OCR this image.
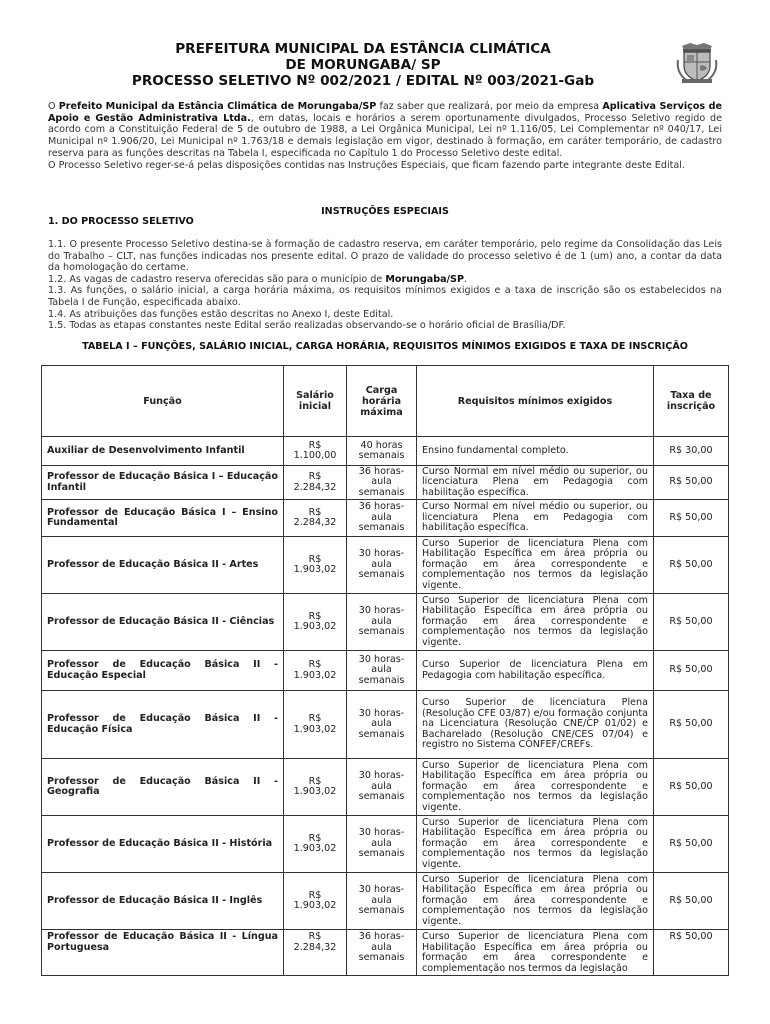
PREFEITURA MUNICIPAL DA ESTÂNCIA CLIMÁTICA
DE MORUNGABA/ SP
PROCESSO SELETIVO Nº 002/2021 / EDITAL Nº 003/2021-Gab

O Prefeito Municipal da Estância Climática de Morungaba/SP faz saber que realizará, por meio da empresa Aplicativa Serviços de Apoio e Gestão Administrativa Ltda., em datas, locais e horários a serem oportunamente divulgados, Processo Seletivo regido de acordo com a Constituição Federal de 5 de outubro de 1988, a Lei Orgânica Municipal, Lei nº 1.116/05, Lei Complementar nº 040/17, Lei Municipal nº 1.906/20, Lei Municipal nº 1.763/18 e demais legislação em vigor, destinado à formação, em caráter temporário, de cadastro reserva para as funções descritas na Tabela I, especificada no Capítulo 1 do Processo Seletivo deste edital.

O Processo Seletivo reger-se-á pelas disposições contidas nas Instruções Especiais, que ficam fazendo parte integrante deste Edital.

INSTRUÇÕES ESPECIAIS
1. DO PROCESSO SELETIVO

1.1. O presente Processo Seletivo destina-se à formação de cadastro reserva, em caráter temporário, pelo regime da Consolidação das Leis do Trabalho – CLT, nas funções indicadas nos presente edital. O prazo de validade do processo seletivo é de 1 (um) ano, a contar da data da homologação do certame.

1.2. As vagas de cadastro reserva oferecidas são para o município de Morungaba/SP.

1.3. As funções, o salário inicial, a carga horária máxima, os requisitos mínimos exigidos e a taxa de inscrição são os estabelecidos na Tabela I de Função, especificada abaixo.

1.4. As atribuições das funções estão descritas no Anexo I, deste Edital.

1.5. Todas as etapas constantes neste Edital serão realizadas observando-se o horário oficial de Brasília/DF.

TABELA I – FUNÇÕES, SALÁRIO INICIAL, CARGA HORÁRIA, REQUISITOS MÍNIMOS EXIGIDOS E TAXA DE INSCRIÇÃO
Função	Salário inicial	Carga horária máxima	Requisitos mínimos exigidos	Taxa de inscrição
Auxiliar de Desenvolvimento Infantil	R$ 1.100,00	40 horas semanais	Ensino fundamental completo.	R$ 30,00
Professor de Educação Básica I – Educação Infantil	R$ 2.284,32	36 horas-aula semanais	Curso Normal em nível médio ou superior, ou licenciatura Plena em Pedagogia com habilitação específica.	R$ 50,00
Professor de Educação Básica I – Ensino Fundamental	R$ 2.284,32	36 horas-aula semanais	Curso Normal em nível médio ou superior, ou licenciatura Plena em Pedagogia com habilitação específica.	R$ 50,00
Professor de Educação Básica II - Artes	R$ 1.903,02	30 horas-aula semanais	Curso Superior de licenciatura Plena com Habilitação Específica em área própria ou formação em área correspondente e complementação nos termos da legislação vigente.	R$ 50,00
Professor de Educação Básica II - Ciências	R$ 1.903,02	30 horas-aula semanais	Curso Superior de licenciatura Plena com Habilitação Específica em área própria ou formação em área correspondente e complementação nos termos da legislação vigente.	R$ 50,00
Professor de Educação Básica II - Educação Especial	R$ 1.903,02	30 horas-aula semanais	Curso Superior de licenciatura Plena em Pedagogia com habilitação específica.	R$ 50,00
Professor de Educação Básica II - Educação Física	R$ 1.903,02	30 horas-aula semanais	Curso Superior de licenciatura Plena (Resolução CFE 03/87) e/ou formação conjunta na Licenciatura (Resolução CNE/CP 01/02) e Bacharelado (Resolução CNE/CES 07/04) e registro no Sistema CONFEF/CREFs.	R$ 50,00
Professor de Educação Básica II - Geografia	R$ 1.903,02	30 horas-aula semanais	Curso Superior de licenciatura Plena com Habilitação Específica em área própria ou formação em área correspondente e complementação nos termos da legislação vigente.	R$ 50,00
Professor de Educação Básica II - História	R$ 1.903,02	30 horas-aula semanais	Curso Superior de licenciatura Plena com Habilitação Específica em área própria ou formação em área correspondente e complementação nos termos da legislação vigente.	R$ 50,00
Professor de Educação Básica II - Inglês	R$ 1.903,02	30 horas-aula semanais	Curso Superior de licenciatura Plena com Habilitação Específica em área própria ou formação em área correspondente e complementação nos termos da legislação vigente.	R$ 50,00
Professor de Educação Básica II - Língua Portuguesa	R$ 2.284,32	36 horas-aula semanais	Curso Superior de licenciatura Plena com Habilitação Específica em área própria ou formação em área correspondente e complementação nos termos da legislação	R$ 50,00
